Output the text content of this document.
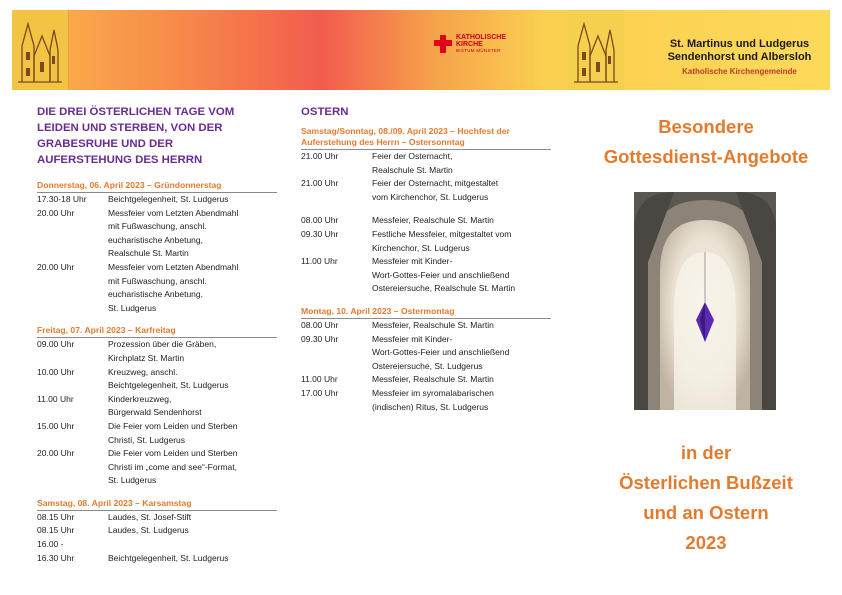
KATHOLISCHE
KIRCHE
BISTUM MÜNSTER
St. Martinus und Ludgerus
Sendenhorst und Albersloh
Katholische Kirchengemeinde
DIE DREI ÖSTERLICHEN TAGE VOM
LEIDEN UND STERBEN, VON DER
GRABESRUHE UND DER
AUFERSTEHUNG DES HERRN
Donnerstag, 06. April 2023 – Gründonnerstag
17.30-18 Uhr	Beichtgelegenheit, St. Ludgerus
20.00 Uhr	Messfeier vom Letzten Abendmahl
mit Fußwaschung, anschl.
eucharistische Anbetung,
Realschule St. Martin
20.00 Uhr	Messfeier vom Letzten Abendmahl
mit Fußwaschung, anschl.
eucharistische Anbetung,
St. Ludgerus
Freitag, 07. April 2023 – Karfreitag
09.00 Uhr	Prozession über die Gräben,
Kirchplatz St. Martin
10.00 Uhr	Kreuzweg, anschl.
Beichtgelegenheit, St. Ludgerus
11.00 Uhr	Kinderkreuzweg,
Bürgerwald Sendenhorst
15.00 Uhr	Die Feier vom Leiden und Sterben
Christi, St. Ludgerus
20.00 Uhr	Die Feier vom Leiden und Sterben
Christi im „come and see“-Format,
St. Ludgerus
Samstag, 08. April 2023 – Karsamstag
08.15 Uhr	Laudes, St. Josef-Stift
08.15 Uhr	Laudes, St. Ludgerus
16.00 -
16.30 Uhr	Beichtgelegenheit, St. Ludgerus
OSTERN
Samstag/Sonntag, 08./09. April 2023 – Hochfest der
Auferstehung des Herrn – Ostersonntag
21.00 Uhr	Feier der Osternacht,
Realschule St. Martin
21.00 Uhr	Feier der Osternacht, mitgestaltet
vom Kirchenchor, St. Ludgerus
08.00 Uhr	Messfeier, Realschule St. Martin
09.30 Uhr	Festliche Messfeier, mitgestaltet vom
Kirchenchor, St. Ludgerus
11.00 Uhr	Messfeier mit Kinder-
Wort-Gottes-Feier und anschließend
Ostereiersuche, Realschule St. Martin
Montag, 10. April 2023 – Ostermontag
08.00 Uhr	Messfeier, Realschule St. Martin
09.30 Uhr	Messfeier mit Kinder-
Wort-Gottes-Feier und anschließend
Ostereiersuche, St. Ludgerus
11.00 Uhr	Messfeier, Realschule St. Martin
17.00 Uhr	Messfeier im syromalabarischen
(indischen) Ritus, St. Ludgerus
Besondere
Gottesdienst-Angebote
in der
Österlichen Bußzeit
und an Ostern
2023
